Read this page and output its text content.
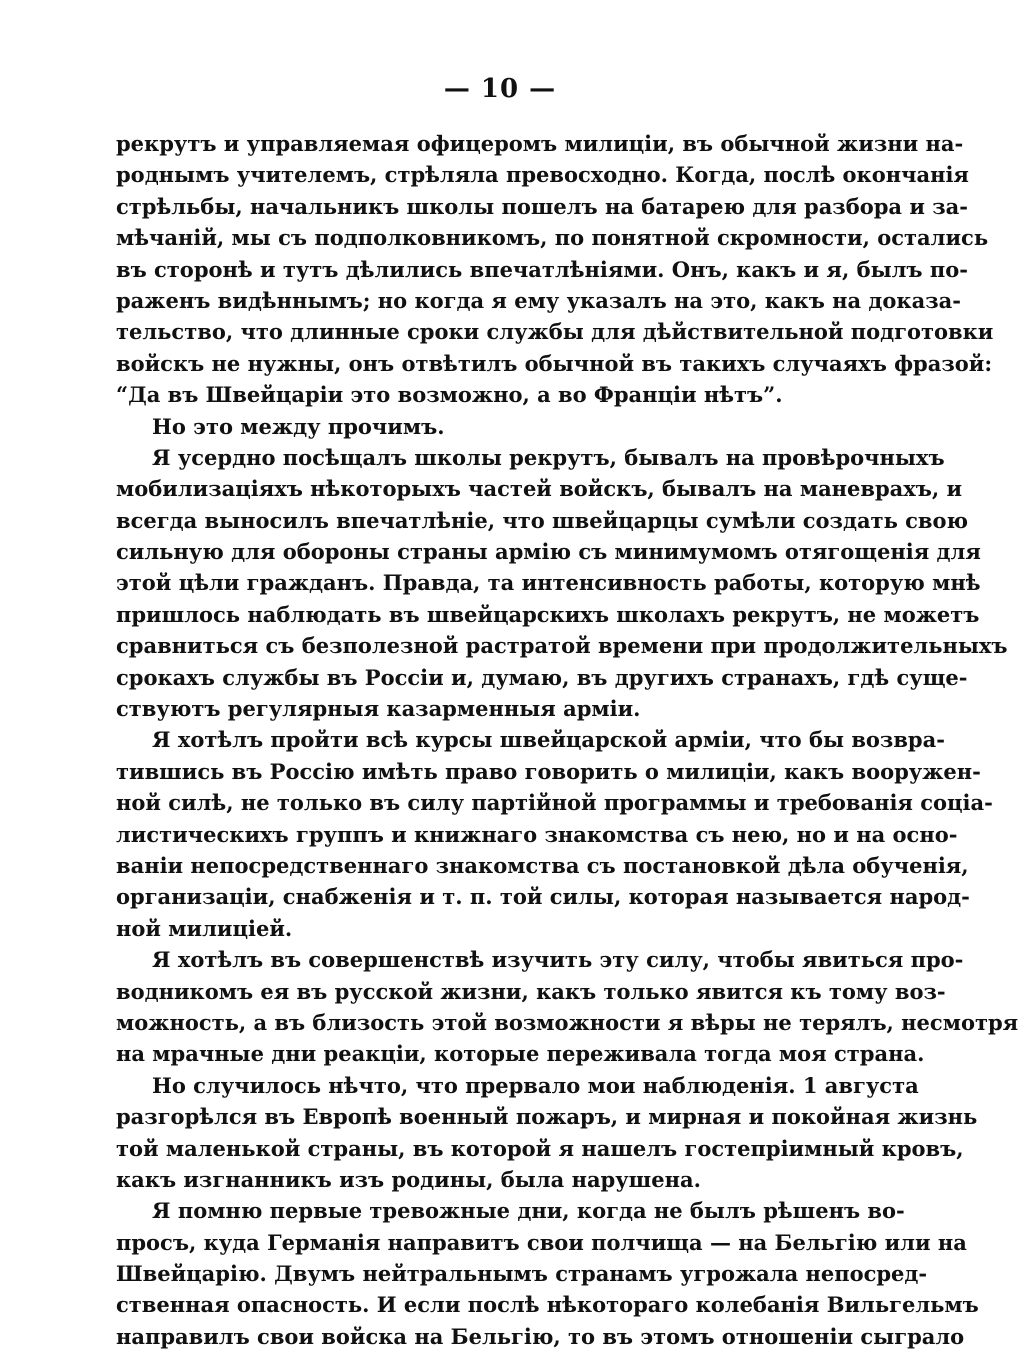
— 10 —
рекрутъ и управляемая офицеромъ милиціи, въ обычной жизни на-
роднымъ учителемъ, стрѣляла превосходно. Когда, послѣ окончанія
стрѣльбы, начальникъ школы пошелъ на батарею для разбора и за-
мѣчаній, мы съ подполковникомъ, по понятной скромности, остались
въ сторонѣ и тутъ дѣлились впечатлѣніями. Онъ, какъ и я, былъ по-
раженъ видѣннымъ; но когда я ему указалъ на это, какъ на доказа-
тельство, что длинные сроки службы для дѣйствительной подготовки
войскъ не нужны, онъ отвѣтилъ обычной въ такихъ случаяхъ фразой:
“Да въ Швейцаріи это возможно, а во Франціи нѣтъ”.
Но это между прочимъ.
Я усердно посѣщалъ школы рекрутъ, бывалъ на провѣрочныхъ
мобилизаціяхъ нѣкоторыхъ частей войскъ, бывалъ на маневрахъ, и
всегда выносилъ впечатлѣніе, что швейцарцы сумѣли создать свою
сильную для обороны страны армію съ минимумомъ отягощенія для
этой цѣли гражданъ. Правда, та интенсивность работы, которую мнѣ
пришлось наблюдать въ швейцарскихъ школахъ рекрутъ, не можетъ
сравниться съ безполезной растратой времени при продолжительныхъ
срокахъ службы въ Россіи и, думаю, въ другихъ странахъ, гдѣ суще-
ствуютъ регулярныя казарменныя арміи.
Я хотѣлъ пройти всѣ курсы швейцарской арміи, что бы возвра-
тившись въ Россію имѣть право говорить о милиціи, какъ вооружен-
ной силѣ, не только въ силу партійной программы и требованія соціа-
листическихъ группъ и книжнаго знакомства съ нею, но и на осно-
ваніи непосредственнаго знакомства съ постановкой дѣла обученія,
организаціи, снабженія и т. п. той силы, которая называется народ-
ной милиціей.
Я хотѣлъ въ совершенствѣ изучить эту силу, чтобы явиться про-
водникомъ ея въ русской жизни, какъ только явится къ тому воз-
можность, а въ близость этой возможности я вѣры не терялъ, несмотря
на мрачные дни реакціи, которые переживала тогда моя страна.
Но случилось нѣчто, что прервало мои наблюденія. 1 августа
разгорѣлся въ Европѣ военный пожаръ, и мирная и покойная жизнь
той маленькой страны, въ которой я нашелъ гостепріимный кровъ,
какъ изгнанникъ изъ родины, была нарушена.
Я помню первые тревожные дни, когда не былъ рѣшенъ во-
просъ, куда Германія направитъ свои полчища — на Бельгію или на
Швейцарію. Двумъ нейтральнымъ странамъ угрожала непосред-
ственная опасность. И если послѣ нѣкотораго колебанія Вильгельмъ
направилъ свои войска на Бельгію, то въ этомъ отношеніи сыграло
